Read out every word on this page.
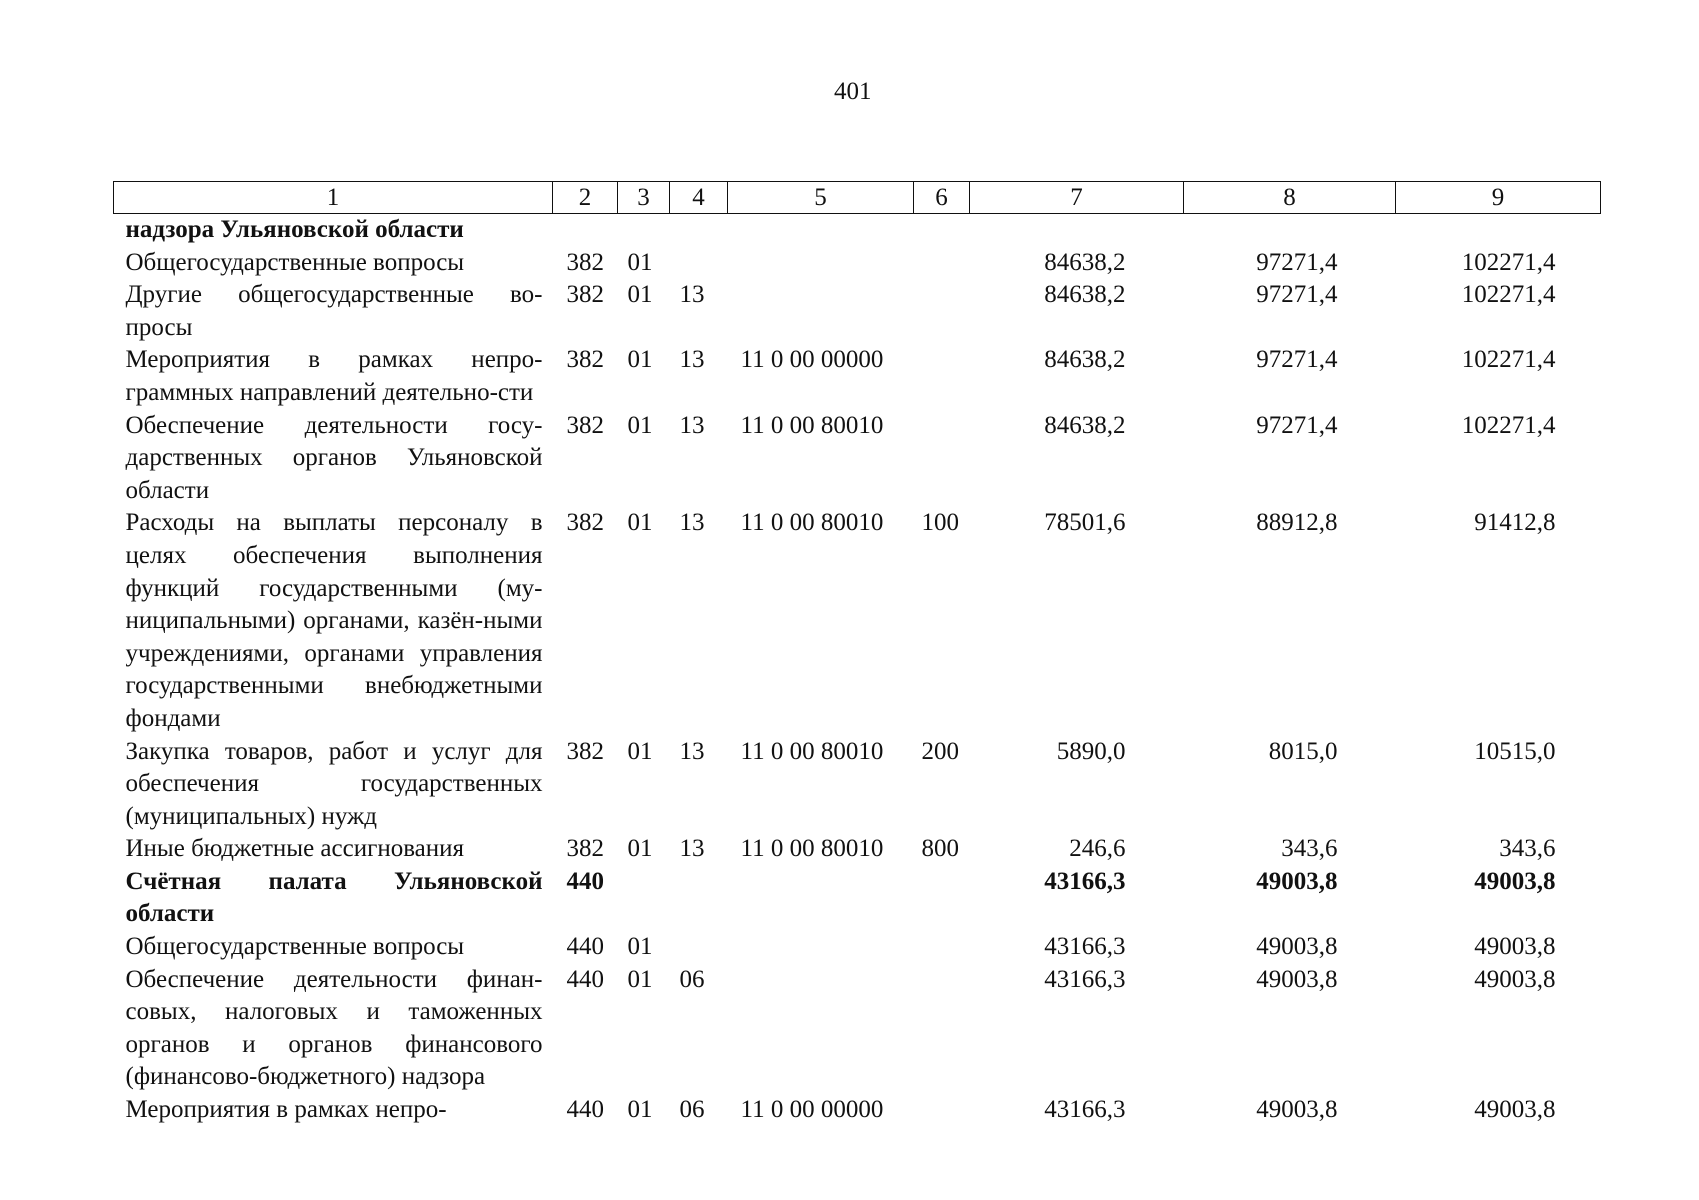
401
1	2	3	4	5	6	7	8	9
надзора Ульяновской области								
Общегосударственные вопросы	382	01				84638,2	97271,4	102271,4
Другие общегосударственные во-просы	382	01	13			84638,2	97271,4	102271,4
Мероприятия в рамках непро-граммных направлений деятельно-сти	382	01	13	11 0 00 00000		84638,2	97271,4	102271,4
Обеспечение деятельности госу-дарственных органов Ульяновской области	382	01	13	11 0 00 80010		84638,2	97271,4	102271,4
Расходы на выплаты персоналу в целях обеспечения выполнения функций государственными (му-ниципальными) органами, казён-ными учреждениями, органами управления государственными внебюджетными фондами	382	01	13	11 0 00 80010	100	78501,6	88912,8	91412,8
Закупка товаров, работ и услуг для обеспечения государственных (муниципальных) нужд	382	01	13	11 0 00 80010	200	5890,0	8015,0	10515,0
Иные бюджетные ассигнования	382	01	13	11 0 00 80010	800	246,6	343,6	343,6
Счётная палата Ульяновской области	440					43166,3	49003,8	49003,8
Общегосударственные вопросы	440	01				43166,3	49003,8	49003,8
Обеспечение деятельности финан-совых, налоговых и таможенных органов и органов финансового (финансово-бюджетного) надзора	440	01	06			43166,3	49003,8	49003,8
Мероприятия в рамках непро-	440	01	06	11 0 00 00000		43166,3	49003,8	49003,8
